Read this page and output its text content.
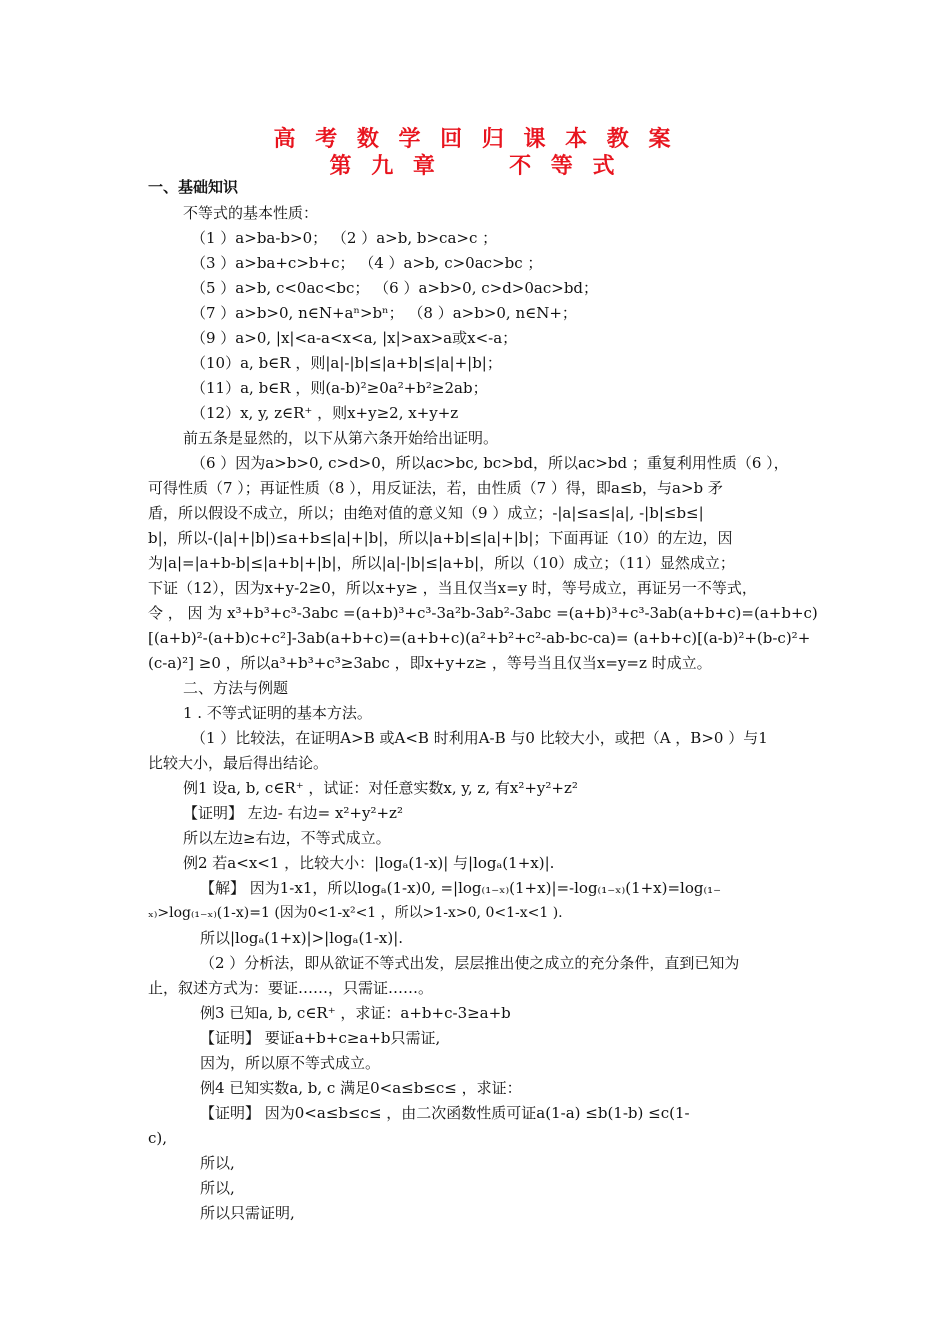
高 考 数 学 回 归 课 本 教 案
第 九 章     不 等 式
一、基础知识
不等式的基本性质：
（1 ）a>ba-b>0； （2 ）a>b, b>ca>c ；
（3 ）a>ba+c>b+c； （4 ）a>b, c>0ac>bc ；
（5 ）a>b, c<0ac<bc； （6 ）a>b>0, c>d>0ac>bd；
（7 ）a>b>0, n∈N+aⁿ>bⁿ； （8 ）a>b>0, n∈N+；
（9 ）a>0, |x|<a-a<x<a, |x|>ax>a或x<-a；
（10）a, b∈R ，则|a|-|b|≤|a+b|≤|a|+|b|；
（11）a, b∈R ，则(a-b)²≥0a²+b²≥2ab；
（12）x, y, z∈R⁺ ，则x+y≥2, x+y+z
前五条是显然的，以下从第六条开始给出证明。
（6 ）因为a>b>0, c>d>0，所以ac>bc, bc>bd，所以ac>bd ；重复利用性质（6 ），
可得性质（7 ）；再证性质（8 ），用反证法，若，由性质（7 ）得，即a≤b，与a>b 矛
盾，所以假设不成立，所以；由绝对值的意义知（9 ）成立；-|a|≤a≤|a|, -|b|≤b≤|
b|，所以-(|a|+|b|)≤a+b≤|a|+|b|，所以|a+b|≤|a|+|b|；下面再证（10）的左边，因
为|a|=|a+b-b|≤|a+b|+|b|，所以|a|-|b|≤|a+b|，所以（10）成立；（11）显然成立；
下证（12），因为x+y-2≥0，所以x+y≥ ，当且仅当x=y 时，等号成立，再证另一不等式，
令 ， 因 为 x³+b³+c³-3abc =(a+b)³+c³-3a²b-3ab²-3abc =(a+b)³+c³-3ab(a+b+c)=(a+b+c)
[(a+b)²-(a+b)c+c²]-3ab(a+b+c)=(a+b+c)(a²+b²+c²-ab-bc-ca)= (a+b+c)[(a-b)²+(b-c)²+
(c-a)²] ≥0 ，所以a³+b³+c³≥3abc ，即x+y+z≥ ，等号当且仅当x=y=z 时成立。
二、方法与例题
1 . 不等式证明的基本方法。
（1 ）比较法，在证明A>B 或A<B 时利用A-B 与0 比较大小，或把（A ，B>0 ）与1
比较大小，最后得出结论。
例1 设a, b, c∈R⁺ ，试证：对任意实数x, y, z, 有x²+y²+z²
【证明】 左边- 右边= x²+y²+z²
所以左边≥右边，不等式成立。
例2 若a<x<1 ，比较大小：|logₐ(1-x)| 与|logₐ(1+x)|.
【解】 因为1-x1，所以logₐ(1-x)0, =|log₍₁₋ₓ₎(1+x)|=-log₍₁₋ₓ₎(1+x)=log₍₁₋
ₓ₎>log₍₁₋ₓ₎(1-x)=1 (因为0<1-x²<1 ，所以>1-x>0, 0<1-x<1 ).
所以|logₐ(1+x)|>|logₐ(1-x)|.
（2 ）分析法，即从欲证不等式出发，层层推出使之成立的充分条件，直到已知为
止，叙述方式为：要证……，只需证……。
例3 已知a, b, c∈R⁺ ，求证：a+b+c-3≥a+b
【证明】 要证a+b+c≥a+b只需证,
因为，所以原不等式成立。
例4 已知实数a, b, c 满足0<a≤b≤c≤ ，求证：
【证明】 因为0<a≤b≤c≤ ，由二次函数性质可证a(1-a) ≤b(1-b) ≤c(1-
c),
所以,
所以,
所以只需证明,
